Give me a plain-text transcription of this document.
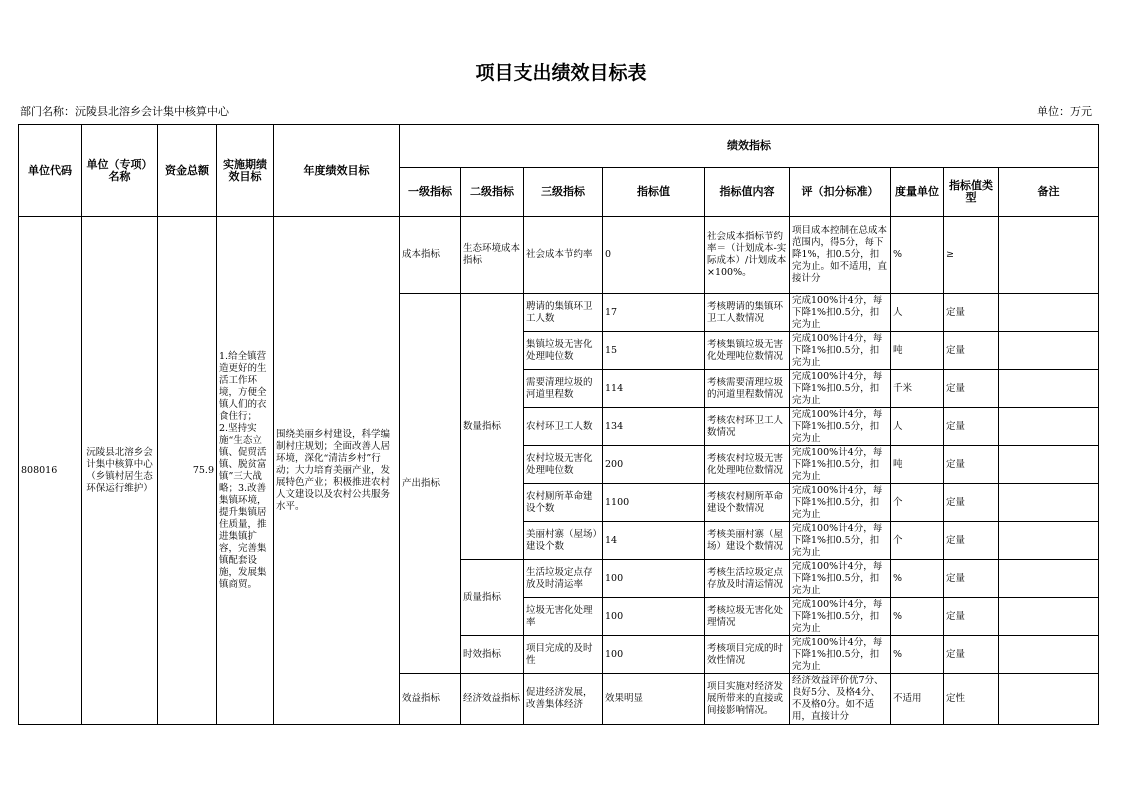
项目支出绩效目标表
部门名称：沅陵县北溶乡会计集中核算中心	单位：万元
单位代码	单位（专项）名称	资金总额	实施期绩效目标	年度绩效目标	绩效指标								
					一级指标	二级指标	三级指标	指标值	指标值内容	评（扣分标准）	度量单位	指标值类型	备注
808016	沅陵县北溶乡会计集中核算中心（乡镇村居生态环保运行维护）	75.9	1.给全镇营造更好的生活工作环境，方便全镇人们的衣食住行；
2.坚持实施“生态立镇、促贸活镇、脱贫富镇”三大战略；3.改善集镇环境，提升集镇居住质量，推进集镇扩容，完善集镇配套设施，发展集镇商贸。	围绕美丽乡村建设，科学编制村庄规划；全面改善人居环境，深化“清洁乡村”行动；大力培育美丽产业，发展特色产业；积极推进农村人文建设以及农村公共服务水平。	成本指标	生态环境成本指标	社会成本节约率	0	社会成本指标节约率＝（计划成本-实际成本）/计划成本×100%。	项目成本控制在总成本范围内，得5分，每下降1%，扣0.5分，扣完为止。如不适用，直接计分	%	≥	
					产出指标	数量指标	聘请的集镇环卫工人数	17	考核聘请的集镇环卫工人数情况	完成100%计4分，每下降1%扣0.5分，扣完为止	人	定量	
							集镇垃圾无害化处理吨位数	15	考核集镇垃圾无害化处理吨位数情况	完成100%计4分，每下降1%扣0.5分，扣完为止	吨	定量	
							需要清理垃圾的河道里程数	114	考核需要清理垃圾的河道里程数情况	完成100%计4分，每下降1%扣0.5分，扣完为止	千米	定量	
							农村环卫工人数	134	考核农村环卫工人数情况	完成100%计4分，每下降1%扣0.5分，扣完为止	人	定量	
							农村垃圾无害化处理吨位数	200	考核农村垃圾无害化处理吨位数情况	完成100%计4分，每下降1%扣0.5分，扣完为止	吨	定量	
							农村厕所革命建设个数	1100	考核农村厕所革命建设个数情况	完成100%计4分，每下降1%扣0.5分，扣完为止	个	定量	
							美丽村寨（屋场）建设个数	14	考核美丽村寨（屋场）建设个数情况	完成100%计4分，每下降1%扣0.5分，扣完为止	个	定量	
						质量指标	生活垃圾定点存放及时清运率	100	考核生活垃圾定点存放及时清运情况	完成100%计4分，每下降1%扣0.5分，扣完为止	%	定量	
							垃圾无害化处理率	100	考核垃圾无害化处理情况	完成100%计4分，每下降1%扣0.5分，扣完为止	%	定量	
						时效指标	项目完成的及时性	100	考核项目完成的时效性情况	完成100%计4分，每下降1%扣0.5分，扣完为止	%	定量	
					效益指标	经济效益指标	促进经济发展，改善集体经济	效果明显	项目实施对经济发展所带来的直接或间接影响情况。	经济效益评价优7分、良好5分、及格4分、不及格0分。如不适用，直接计分	不适用	定性	
